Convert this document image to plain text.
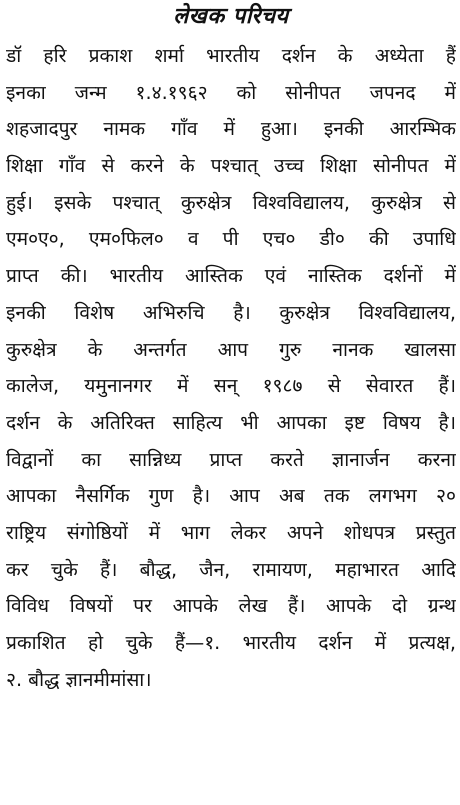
लेखक परिचय
डॉ हरि प्रकाश शर्मा भारतीय दर्शन के अध्येता हैं
इनका जन्म १.४.१९६२ को सोनीपत जपनद में
शहजादपुर नामक गाँव में हुआ। इनकी आरम्भिक
शिक्षा गाँव से करने के पश्चात् उच्च शिक्षा सोनीपत में
हुई। इसके पश्चात् कुरुक्षेत्र विश्वविद्यालय, कुरुक्षेत्र से
एम०ए०, एम०फिल० व पी एच० डी० की उपाधि
प्राप्त की। भारतीय आस्तिक एवं नास्तिक दर्शनों में
इनकी विशेष अभिरुचि है। कुरुक्षेत्र विश्वविद्यालय,
कुरुक्षेत्र के अन्तर्गत आप गुरु नानक खालसा
कालेज, यमुनानगर में सन् १९८७ से सेवारत हैं।
दर्शन के अतिरिक्त साहित्य भी आपका इष्ट विषय है।
विद्वानों का सान्निध्य प्राप्त करते ज्ञानार्जन करना
आपका नैसर्गिक गुण है। आप अब तक लगभग २०
राष्ट्रिय संगोष्ठियों में भाग लेकर अपने शोधपत्र प्रस्तुत
कर चुके हैं। बौद्ध, जैन, रामायण, महाभारत आदि
विविध विषयों पर आपके लेख हैं। आपके दो ग्रन्थ
प्रकाशित हो चुके हैं—१. भारतीय दर्शन में प्रत्यक्ष,
२. बौद्ध ज्ञानमीमांसा।
